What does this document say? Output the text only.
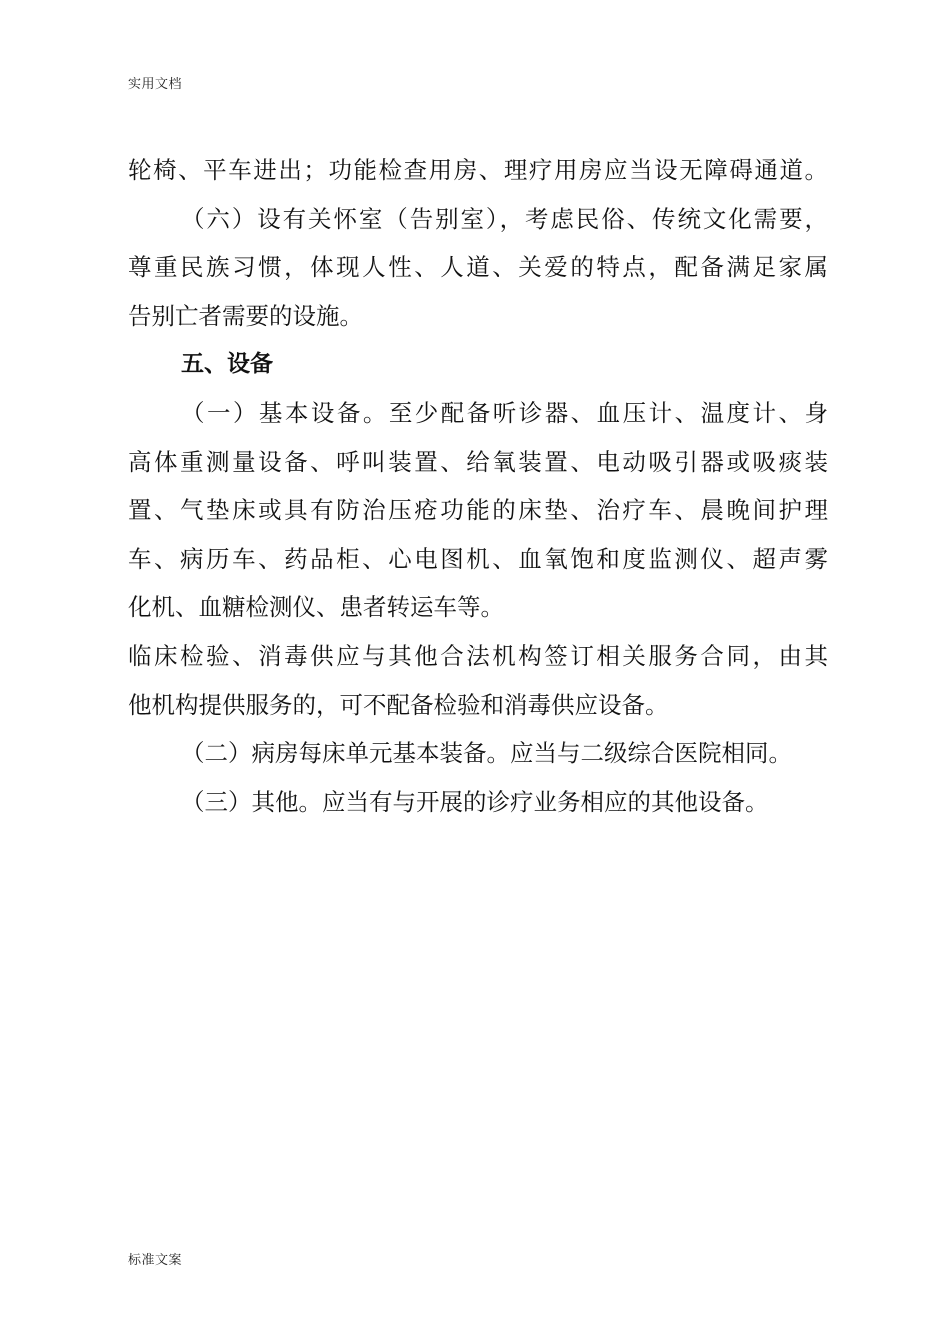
实用文档
轮椅、平车进出；功能检查用房、理疗用房应当设无障碍通道。
（六）设有关怀室（告别室），考虑民俗、传统文化需要，
尊重民族习惯，体现人性、人道、关爱的特点，配备满足家属
告别亡者需要的设施。
五、设备
（一）基本设备。至少配备听诊器、血压计、温度计、身
高体重测量设备、呼叫装置、给氧装置、电动吸引器或吸痰装
置、气垫床或具有防治压疮功能的床垫、治疗车、晨晚间护理
车、病历车、药品柜、心电图机、血氧饱和度监测仪、超声雾
化机、血糖检测仪、患者转运车等。
临床检验、消毒供应与其他合法机构签订相关服务合同，由其
他机构提供服务的，可不配备检验和消毒供应设备。
（二）病房每床单元基本装备。应当与二级综合医院相同。
（三）其他。应当有与开展的诊疗业务相应的其他设备。
标准文案
